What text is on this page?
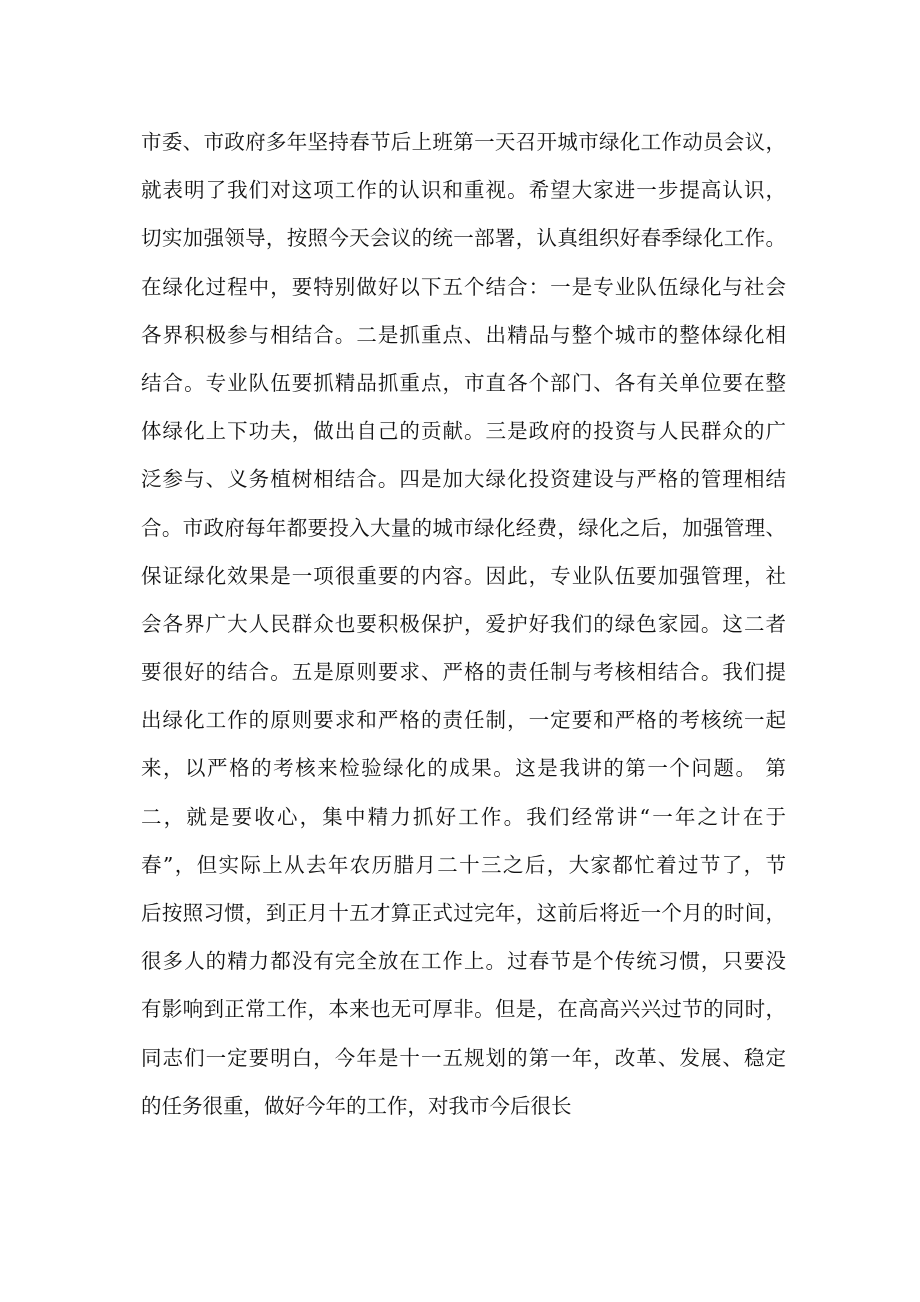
市委、市政府多年坚持春节后上班第一天召开城市绿化工作动员会议，
就表明了我们对这项工作的认识和重视。希望大家进一步提高认识，
切实加强领导，按照今天会议的统一部署，认真组织好春季绿化工作。
在绿化过程中，要特别做好以下五个结合：一是专业队伍绿化与社会
各界积极参与相结合。二是抓重点、出精品与整个城市的整体绿化相
结合。专业队伍要抓精品抓重点，市直各个部门、各有关单位要在整
体绿化上下功夫，做出自己的贡献。三是政府的投资与人民群众的广
泛参与、义务植树相结合。四是加大绿化投资建设与严格的管理相结
合。市政府每年都要投入大量的城市绿化经费，绿化之后，加强管理、
保证绿化效果是一项很重要的内容。因此，专业队伍要加强管理，社
会各界广大人民群众也要积极保护，爱护好我们的绿色家园。这二者
要很好的结合。五是原则要求、严格的责任制与考核相结合。我们提
出绿化工作的原则要求和严格的责任制，一定要和严格的考核统一起
来，以严格的考核来检验绿化的成果。这是我讲的第一个问题。 第
二，就是要收心，集中精力抓好工作。我们经常讲“一年之计在于
春”，但实际上从去年农历腊月二十三之后，大家都忙着过节了，节
后按照习惯，到正月十五才算正式过完年，这前后将近一个月的时间，
很多人的精力都没有完全放在工作上。过春节是个传统习惯，只要没
有影响到正常工作，本来也无可厚非。但是，在高高兴兴过节的同时，
同志们一定要明白，今年是十一五规划的第一年，改革、发展、稳定
的任务很重，做好今年的工作，对我市今后很长
